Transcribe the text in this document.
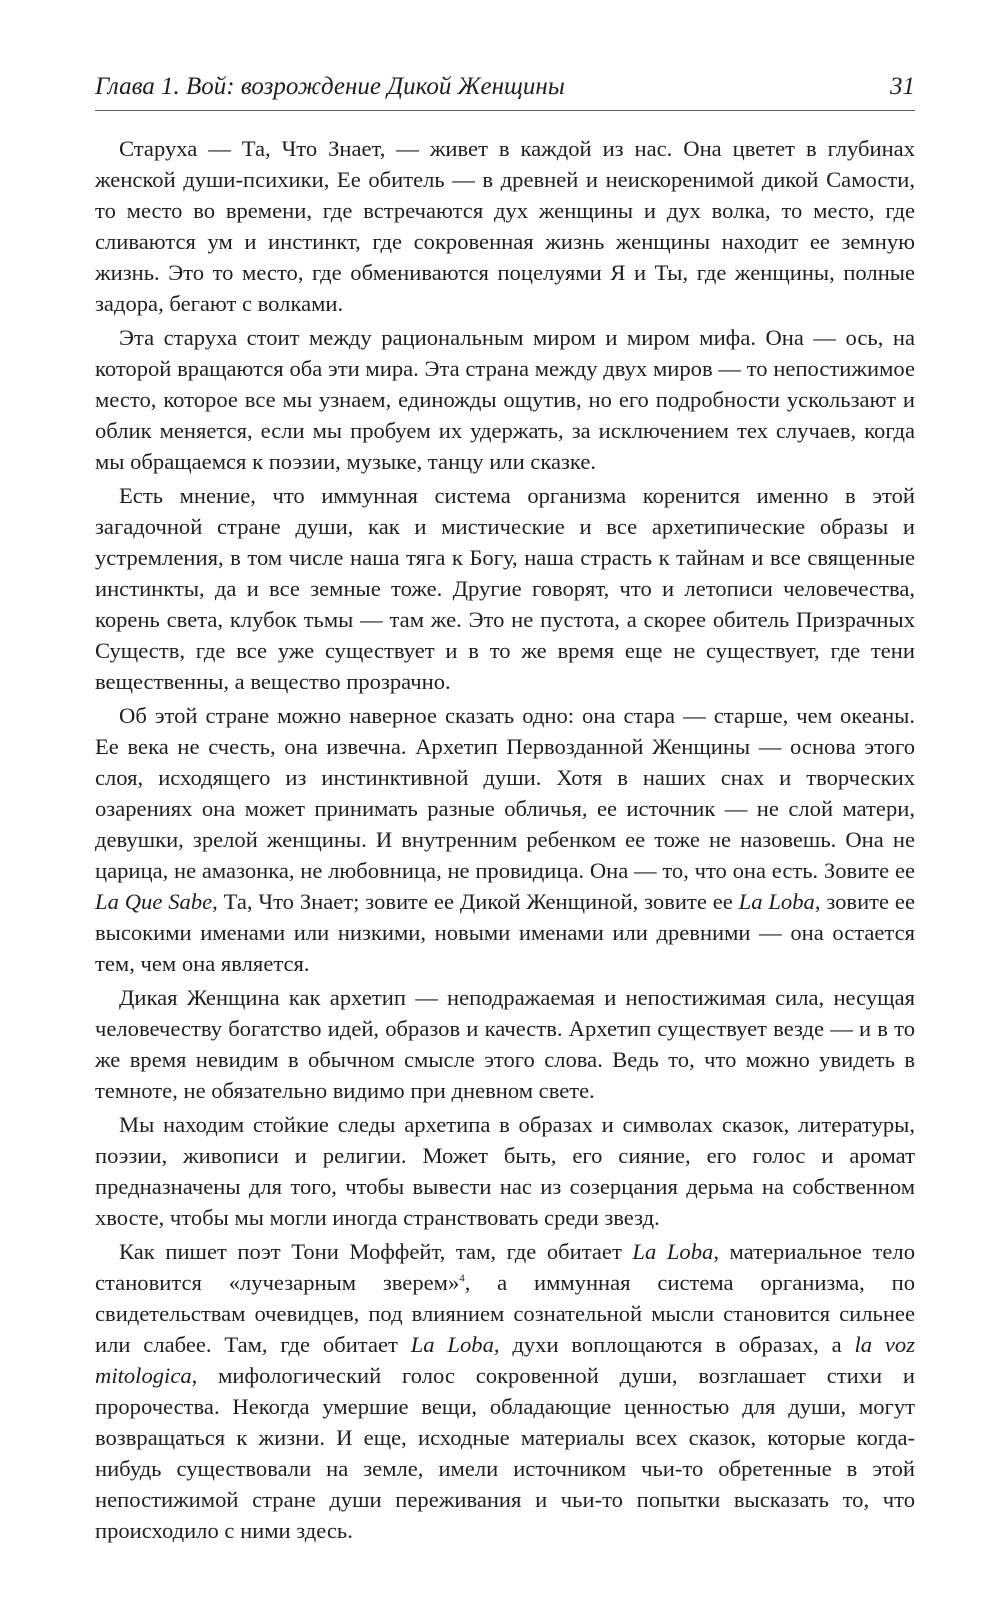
Глава 1. Вой: возрождение Дикой Женщины	31

Старуха — Та, Что Знает, — живет в каждой из нас. Она цветет в глубинах женской души-психики, Ее обитель — в древней и неискоренимой дикой Самости, то место во времени, где встречаются дух женщины и дух волка, то место, где сливаются ум и инстинкт, где сокровенная жизнь женщины находит ее земную жизнь. Это то место, где обмениваются поцелуями Я и Ты, где женщины, полные задора, бегают с волками.

Эта старуха стоит между рациональным миром и миром мифа. Она — ось, на которой вращаются оба эти мира. Эта страна между двух миров — то непостижимое место, которое все мы узнаем, единожды ощутив, но его подробности ускользают и облик меняется, если мы пробуем их удержать, за исключением тех случаев, когда мы обращаемся к поэзии, музыке, танцу или сказке.

Есть мнение, что иммунная система организма коренится именно в этой загадочной стране души, как и мистические и все архетипические образы и устремления, в том числе наша тяга к Богу, наша страсть к тайнам и все священные инстинкты, да и все земные тоже. Другие говорят, что и летописи человечества, корень света, клубок тьмы — там же. Это не пустота, а скорее обитель Призрачных Существ, где все уже существует и в то же время еще не существует, где тени вещественны, а вещество прозрачно.

Об этой стране можно наверное сказать одно: она стара — старше, чем океаны. Ее века не счесть, она извечна. Архетип Первозданной Женщины — основа этого слоя, исходящего из инстинктивной души. Хотя в наших снах и творческих озарениях она может принимать разные обличья, ее источник — не слой матери, девушки, зрелой женщины. И внутренним ребенком ее тоже не назовешь. Она не царица, не амазонка, не любовница, не провидица. Она — то, что она есть. Зовите ее La Que Sabe, Та, Что Знает; зовите ее Дикой Женщиной, зовите ее La Loba, зовите ее высокими именами или низкими, новыми именами или древними — она остается тем, чем она является.

Дикая Женщина как архетип — неподражаемая и непостижимая сила, несущая человечеству богатство идей, образов и качеств. Архетип существует везде — и в то же время невидим в обычном смысле этого слова. Ведь то, что можно увидеть в темноте, не обязательно видимо при дневном свете.

Мы находим стойкие следы архетипа в образах и символах сказок, литературы, поэзии, живописи и религии. Может быть, его сияние, его голос и аромат предназначены для того, чтобы вывести нас из созерцания дерьма на собственном хвосте, чтобы мы могли иногда странствовать среди звезд.

Как пишет поэт Тони Моффейт, там, где обитает La Loba, материальное тело становится «лучезарным зверем»$^4$, а иммунная система организма, по свидетельствам очевидцев, под влиянием сознательной мысли становится сильнее или слабее. Там, где обитает La Loba, духи воплощаются в образах, а la voz mitologica, мифологический голос сокровенной души, возглашает стихи и пророчества. Некогда умершие вещи, обладающие ценностью для души, могут возвращаться к жизни. И еще, исходные материалы всех сказок, которые когда-нибудь существовали на земле, имели источником чьи-то обретенные в этой непостижимой стране души переживания и чьи-то попытки высказать то, что происходило с ними здесь.
